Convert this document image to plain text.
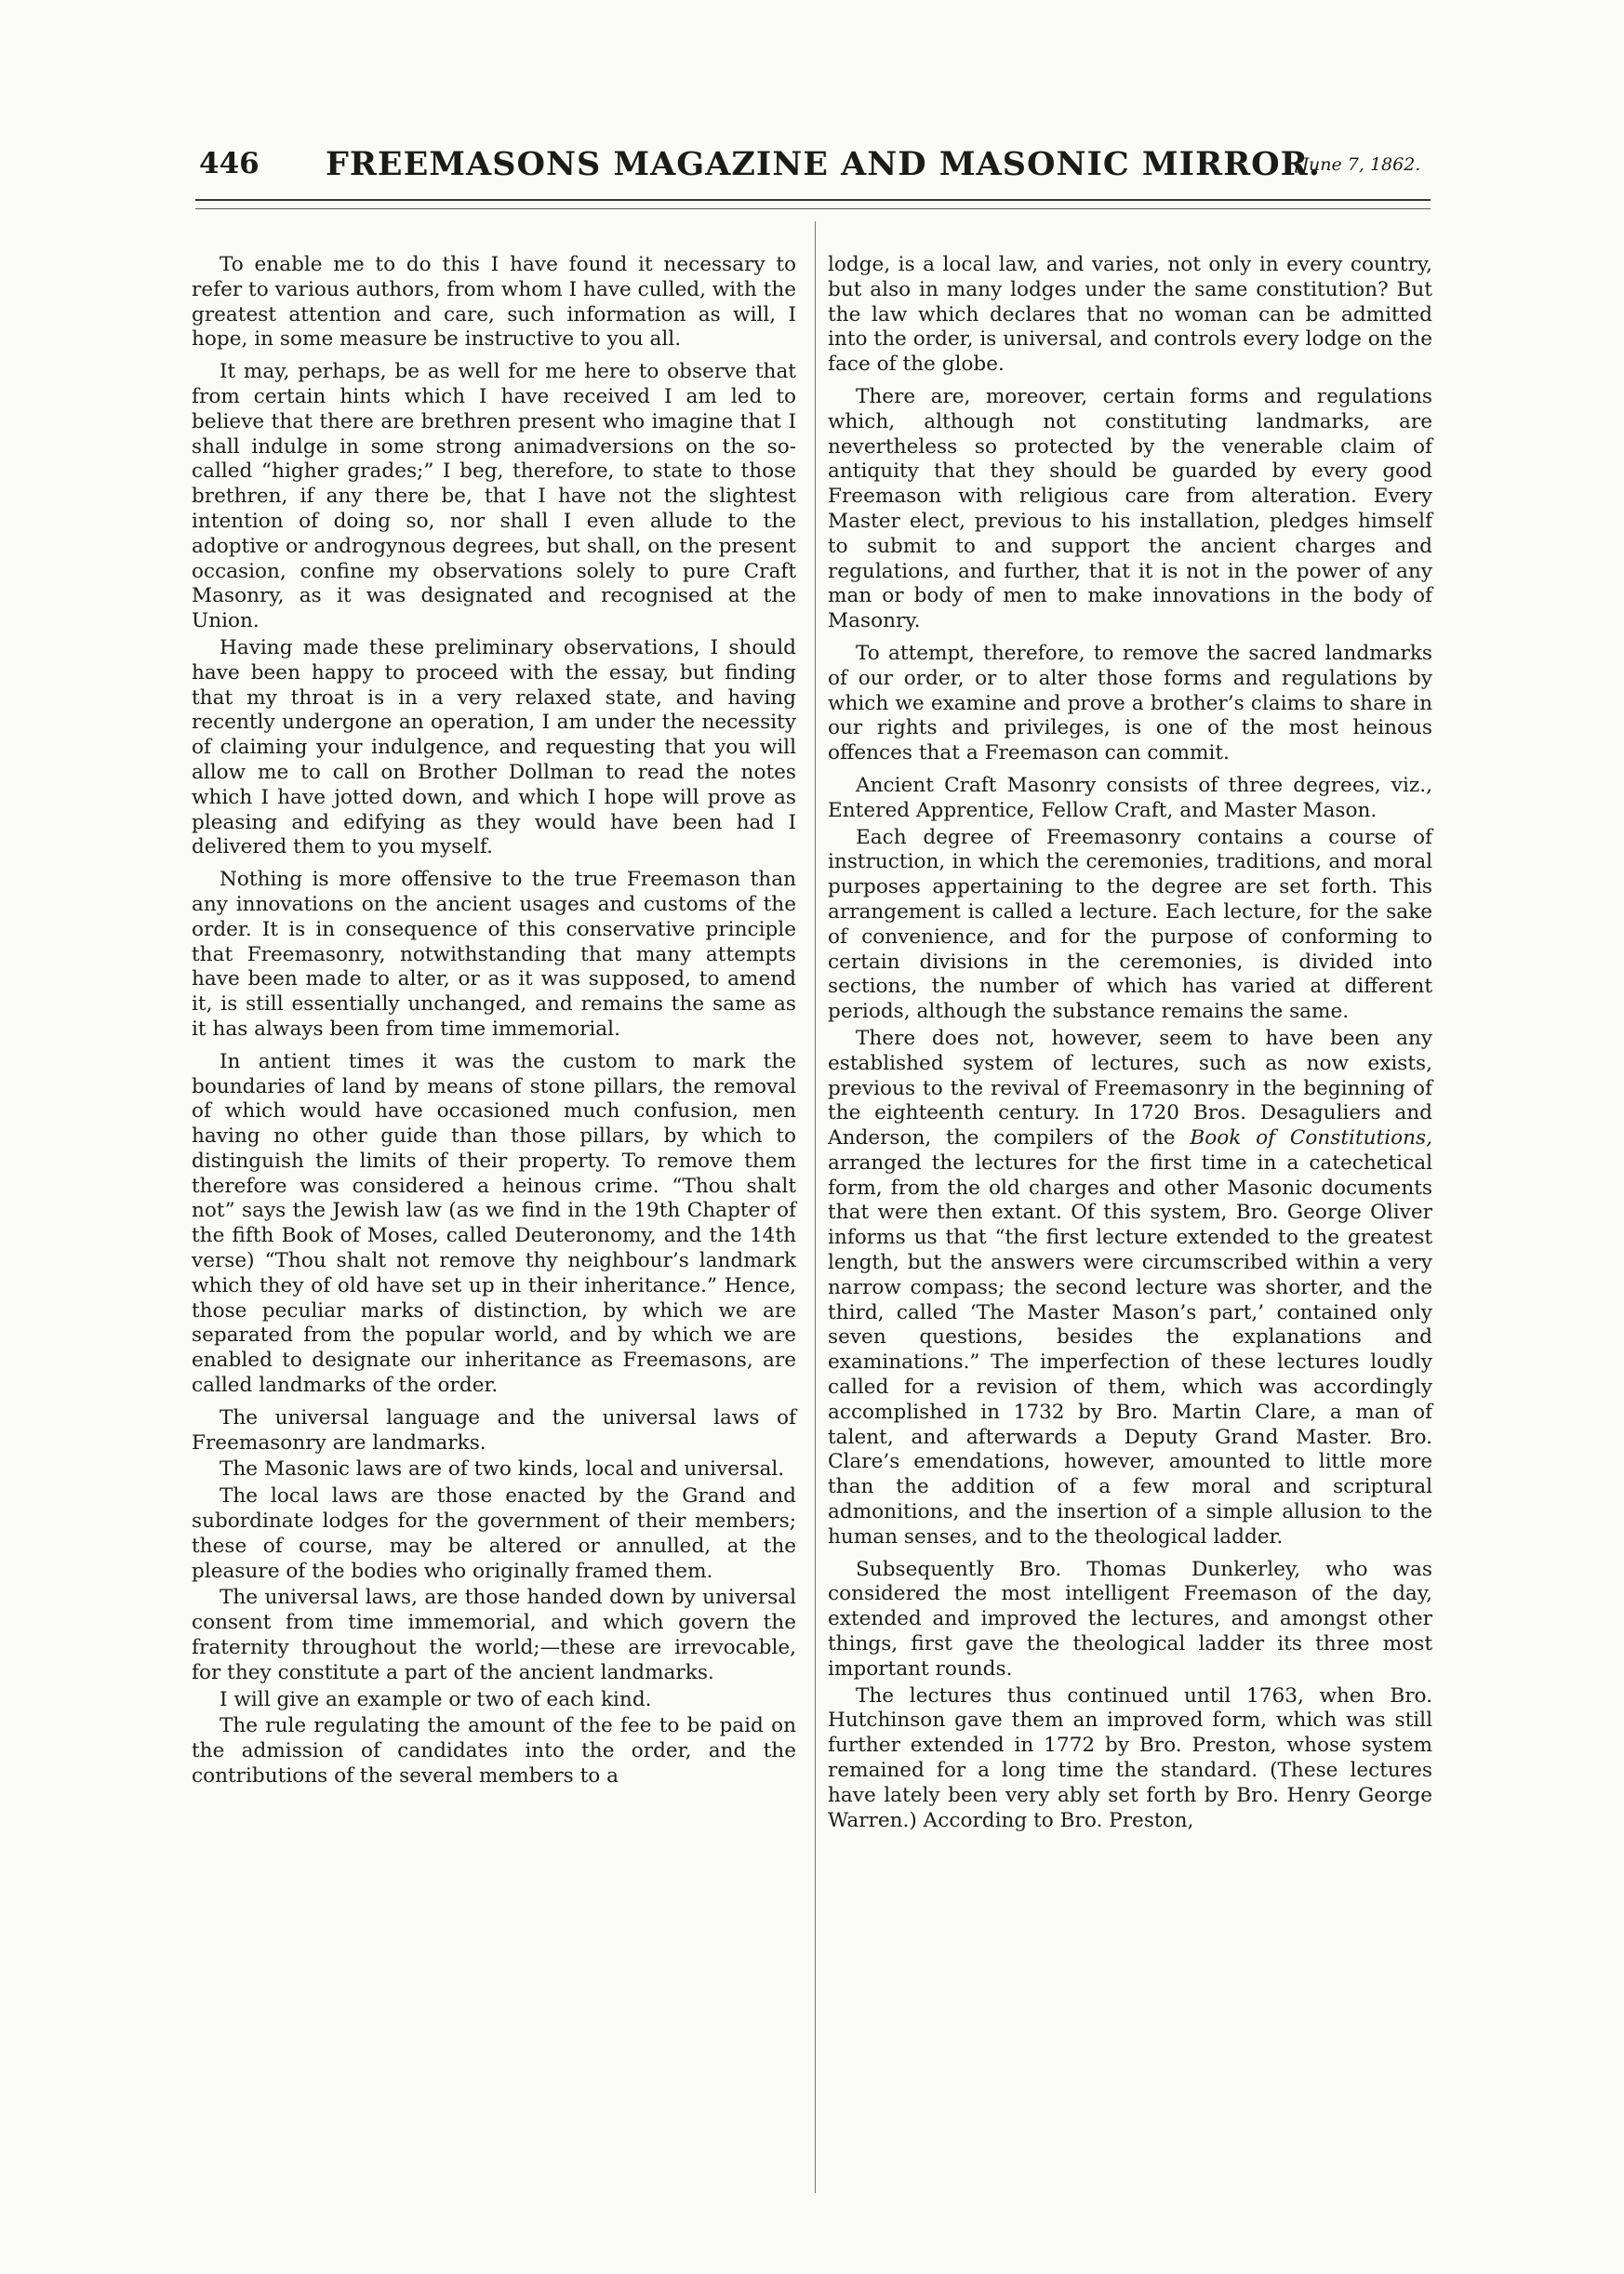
446 FREEMASONS MAGAZINE AND MASONIC MIRROR.
[June 7, 1862.

To enable me to do this I have found it necessary to refer to various authors, from whom I have culled, with the greatest attention and care, such information as will, I hope, in some measure be instructive to you all.

It may, perhaps, be as well for me here to observe that from certain hints which I have received I am led to believe that there are brethren present who imagine that I shall indulge in some strong animadversions on the so-called “higher grades;” I beg, therefore, to state to those brethren, if any there be, that I have not the slightest intention of doing so, nor shall I even allude to the adoptive or androgynous degrees, but shall, on the present occasion, confine my observations solely to pure Craft Masonry, as it was designated and recognised at the Union.

Having made these preliminary observations, I should have been happy to proceed with the essay, but finding that my throat is in a very relaxed state, and having recently undergone an operation, I am under the necessity of claiming your indulgence, and requesting that you will allow me to call on Brother Dollman to read the notes which I have jotted down, and which I hope will prove as pleasing and edifying as they would have been had I delivered them to you myself.

Nothing is more offensive to the true Freemason than any innovations on the ancient usages and customs of the order. It is in consequence of this conservative principle that Freemasonry, notwithstanding that many attempts have been made to alter, or as it was supposed, to amend it, is still essentially unchanged, and remains the same as it has always been from time immemorial.

In antient times it was the custom to mark the boundaries of land by means of stone pillars, the removal of which would have occasioned much confusion, men having no other guide than those pillars, by which to distinguish the limits of their property. To remove them therefore was considered a heinous crime. “Thou shalt not” says the Jewish law (as we find in the 19th Chapter of the fifth Book of Moses, called Deuteronomy, and the 14th verse) “Thou shalt not remove thy neighbour’s landmark which they of old have set up in their inheritance.” Hence, those peculiar marks of distinction, by which we are separated from the popular world, and by which we are enabled to designate our inheritance as Freemasons, are called landmarks of the order.

The universal language and the universal laws of Freemasonry are landmarks.

The Masonic laws are of two kinds, local and universal.

The local laws are those enacted by the Grand and subordinate lodges for the government of their members; these of course, may be altered or annulled, at the pleasure of the bodies who originally framed them.

The universal laws, are those handed down by universal consent from time immemorial, and which govern the fraternity throughout the world;—these are irrevocable, for they constitute a part of the ancient landmarks.

I will give an example or two of each kind.

The rule regulating the amount of the fee to be paid on the admission of candidates into the order, and the contributions of the several members to a

lodge, is a local law, and varies, not only in every country, but also in many lodges under the same constitution? But the law which declares that no woman can be admitted into the order, is universal, and controls every lodge on the face of the globe.

There are, moreover, certain forms and regulations which, although not constituting landmarks, are nevertheless so protected by the venerable claim of antiquity that they should be guarded by every good Freemason with religious care from alteration. Every Master elect, previous to his installation, pledges himself to submit to and support the ancient charges and regulations, and further, that it is not in the power of any man or body of men to make innovations in the body of Masonry.

To attempt, therefore, to remove the sacred landmarks of our order, or to alter those forms and regulations by which we examine and prove a brother’s claims to share in our rights and privileges, is one of the most heinous offences that a Freemason can commit.

Ancient Craft Masonry consists of three degrees, viz., Entered Apprentice, Fellow Craft, and Master Mason.

Each degree of Freemasonry contains a course of instruction, in which the ceremonies, traditions, and moral purposes appertaining to the degree are set forth. This arrangement is called a lecture. Each lecture, for the sake of convenience, and for the purpose of conforming to certain divisions in the ceremonies, is divided into sections, the number of which has varied at different periods, although the substance remains the same.

There does not, however, seem to have been any established system of lectures, such as now exists, previous to the revival of Freemasonry in the beginning of the eighteenth century. In 1720 Bros. Desaguliers and Anderson, the compilers of the Book of Constitutions, arranged the lectures for the first time in a catechetical form, from the old charges and other Masonic documents that were then extant. Of this system, Bro. George Oliver informs us that “the first lecture extended to the greatest length, but the answers were circumscribed within a very narrow compass; the second lecture was shorter, and the third, called ‘The Master Mason’s part,’ contained only seven questions, besides the explanations and examinations.” The imperfection of these lectures loudly called for a revision of them, which was accordingly accomplished in 1732 by Bro. Martin Clare, a man of talent, and afterwards a Deputy Grand Master. Bro. Clare’s emendations, however, amounted to little more than the addition of a few moral and scriptural admonitions, and the insertion of a simple allusion to the human senses, and to the theological ladder.

Subsequently Bro. Thomas Dunkerley, who was considered the most intelligent Freemason of the day, extended and improved the lectures, and amongst other things, first gave the theological ladder its three most important rounds.

The lectures thus continued until 1763, when Bro. Hutchinson gave them an improved form, which was still further extended in 1772 by Bro. Preston, whose system remained for a long time the standard. (These lectures have lately been very ably set forth by Bro. Henry George Warren.) According to Bro. Preston,
